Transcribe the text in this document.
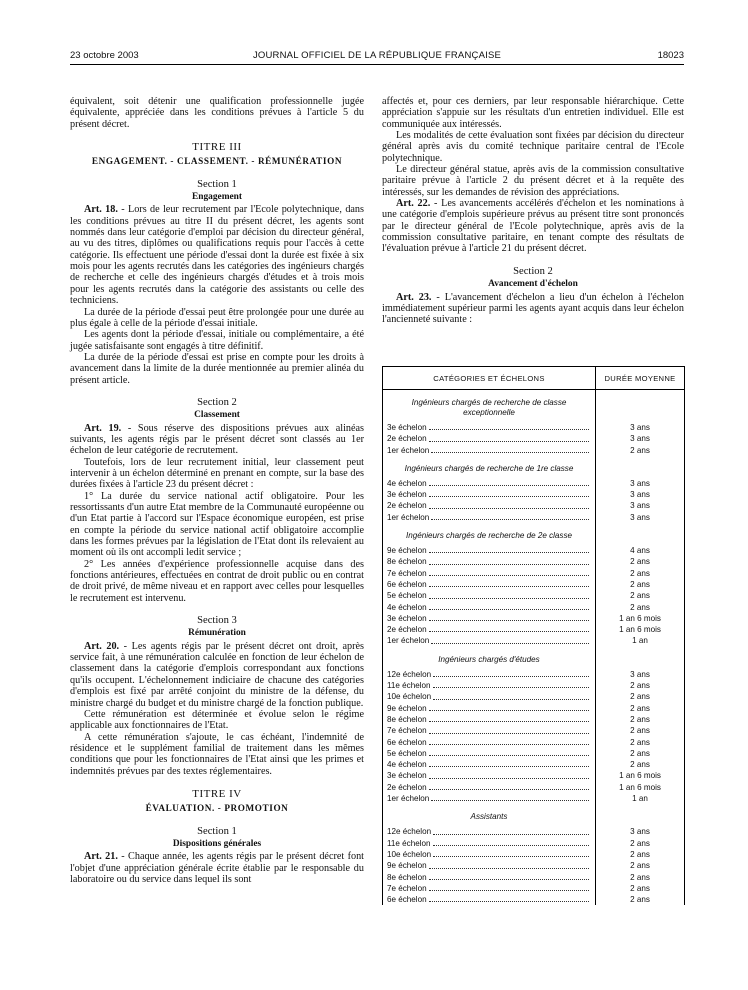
23 octobre 2003	JOURNAL OFFICIEL DE LA RÉPUBLIQUE FRANÇAISE	18023

équivalent, soit détenir une qualification professionnelle jugée équivalente, appréciée dans les conditions prévues à l'article 5 du présent décret.

TITRE III
ENGAGEMENT. - CLASSEMENT. - RÉMUNÉRATION
Section 1
Engagement

Art. 18. - Lors de leur recrutement par l'Ecole polytechnique, dans les conditions prévues au titre II du présent décret, les agents sont nommés dans leur catégorie d'emploi par décision du directeur général, au vu des titres, diplômes ou qualifications requis pour l'accès à cette catégorie. Ils effectuent une période d'essai dont la durée est fixée à six mois pour les agents recrutés dans les catégories des ingénieurs chargés de recherche et celle des ingénieurs chargés d'études et à trois mois pour les agents recrutés dans la catégorie des assistants ou celle des techniciens.

La durée de la période d'essai peut être prolongée pour une durée au plus égale à celle de la période d'essai initiale.

Les agents dont la période d'essai, initiale ou complémentaire, a été jugée satisfaisante sont engagés à titre définitif.

La durée de la période d'essai est prise en compte pour les droits à avancement dans la limite de la durée mentionnée au premier alinéa du présent article.

Section 2
Classement

Art. 19. - Sous réserve des dispositions prévues aux alinéas suivants, les agents régis par le présent décret sont classés au 1er échelon de leur catégorie de recrutement.

Toutefois, lors de leur recrutement initial, leur classement peut intervenir à un échelon déterminé en prenant en compte, sur la base des durées fixées à l'article 23 du présent décret :

1° La durée du service national actif obligatoire. Pour les ressortissants d'un autre Etat membre de la Communauté européenne ou d'un Etat partie à l'accord sur l'Espace économique européen, est prise en compte la période du service national actif obligatoire accomplie dans les formes prévues par la législation de l'Etat dont ils relevaient au moment où ils ont accompli ledit service ;

2° Les années d'expérience professionnelle acquise dans des fonctions antérieures, effectuées en contrat de droit public ou en contrat de droit privé, de même niveau et en rapport avec celles pour lesquelles le recrutement est intervenu.

Section 3
Rémunération

Art. 20. - Les agents régis par le présent décret ont droit, après service fait, à une rémunération calculée en fonction de leur échelon de classement dans la catégorie d'emplois correspondant aux fonctions qu'ils occupent. L'échelonnement indiciaire de chacune des catégories d'emplois est fixé par arrêté conjoint du ministre de la défense, du ministre chargé du budget et du ministre chargé de la fonction publique.

Cette rémunération est déterminée et évolue selon le régime applicable aux fonctionnaires de l'Etat.

A cette rémunération s'ajoute, le cas échéant, l'indemnité de résidence et le supplément familial de traitement dans les mêmes conditions que pour les fonctionnaires de l'Etat ainsi que les primes et indemnités prévues par des textes réglementaires.

TITRE IV
ÉVALUATION. - PROMOTION
Section 1
Dispositions générales

Art. 21. - Chaque année, les agents régis par le présent décret font l'objet d'une appréciation générale écrite établie par le responsable du laboratoire ou du service dans lequel ils sont

affectés et, pour ces derniers, par leur responsable hiérarchique. Cette appréciation s'appuie sur les résultats d'un entretien individuel. Elle est communiquée aux intéressés.

Les modalités de cette évaluation sont fixées par décision du directeur général après avis du comité technique paritaire central de l'Ecole polytechnique.

Le directeur général statue, après avis de la commission consultative paritaire prévue à l'article 2 du présent décret et à la requête des intéressés, sur les demandes de révision des appréciations.

Art. 22. - Les avancements accélérés d'échelon et les nominations à une catégorie d'emplois supérieure prévus au présent titre sont prononcés par le directeur général de l'Ecole polytechnique, après avis de la commission consultative paritaire, en tenant compte des résultats de l'évaluation prévue à l'article 21 du présent décret.

Section 2
Avancement d'échelon

Art. 23. - L'avancement d'échelon a lieu d'un échelon à l'échelon immédiatement supérieur parmi les agents ayant acquis dans leur échelon l'ancienneté suivante :

CATÉGORIES ET ÉCHELONS	DURÉE MOYENNE
Ingénieurs chargés de recherche de classe exceptionnelle	

3e échelon	3 ans

2e échelon	3 ans

1er échelon	2 ans
Ingénieurs chargés de recherche de 1re classe	

4e échelon	3 ans

3e échelon	3 ans

2e échelon	3 ans

1er échelon	3 ans
Ingénieurs chargés de recherche de 2e classe	

9e échelon	4 ans

8e échelon	2 ans

7e échelon	2 ans

6e échelon	2 ans

5e échelon	2 ans

4e échelon	2 ans

3e échelon	1 an 6 mois

2e échelon	1 an 6 mois

1er échelon	1 an
Ingénieurs chargés d'études	

12e échelon	3 ans

11e échelon	2 ans

10e échelon	2 ans

9e échelon	2 ans

8e échelon	2 ans

7e échelon	2 ans

6e échelon	2 ans

5e échelon	2 ans

4e échelon	2 ans

3e échelon	1 an 6 mois

2e échelon	1 an 6 mois

1er échelon	1 an
Assistants	

12e échelon	3 ans

11e échelon	2 ans

10e échelon	2 ans

9e échelon	2 ans

8e échelon	2 ans

7e échelon	2 ans

6e échelon	2 ans
